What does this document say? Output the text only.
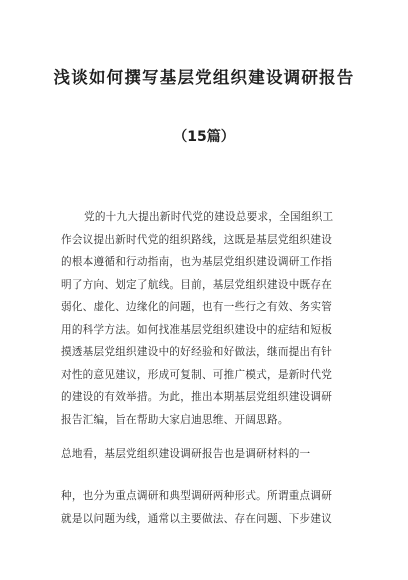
浅谈如何撰写基层党组织建设调研报告
（15篇）
党的十九大提出新时代党的建设总要求，全国组织工
作会议提出新时代党的组织路线，这既是基层党组织建设
的根本遵循和行动指南，也为基层党组织建设调研工作指
明了方向、划定了航线。目前，基层党组织建设中既存在
弱化、虚化、边缘化的问题，也有一些行之有效、务实管
用的科学方法。如何找准基层党组织建设中的症结和短板
摸透基层党组织建设中的好经验和好做法，继而提出有针
对性的意见建议，形成可复制、可推广模式，是新时代党
的建设的有效举措。为此，推出本期基层党组织建设调研
报告汇编，旨在帮助大家启迪思维、开阔思路。
总地看，基层党组织建设调研报告也是调研材料的一
种，也分为重点调研和典型调研两种形式。所谓重点调研
就是以问题为线，通常以主要做法、存在问题、下步建议
